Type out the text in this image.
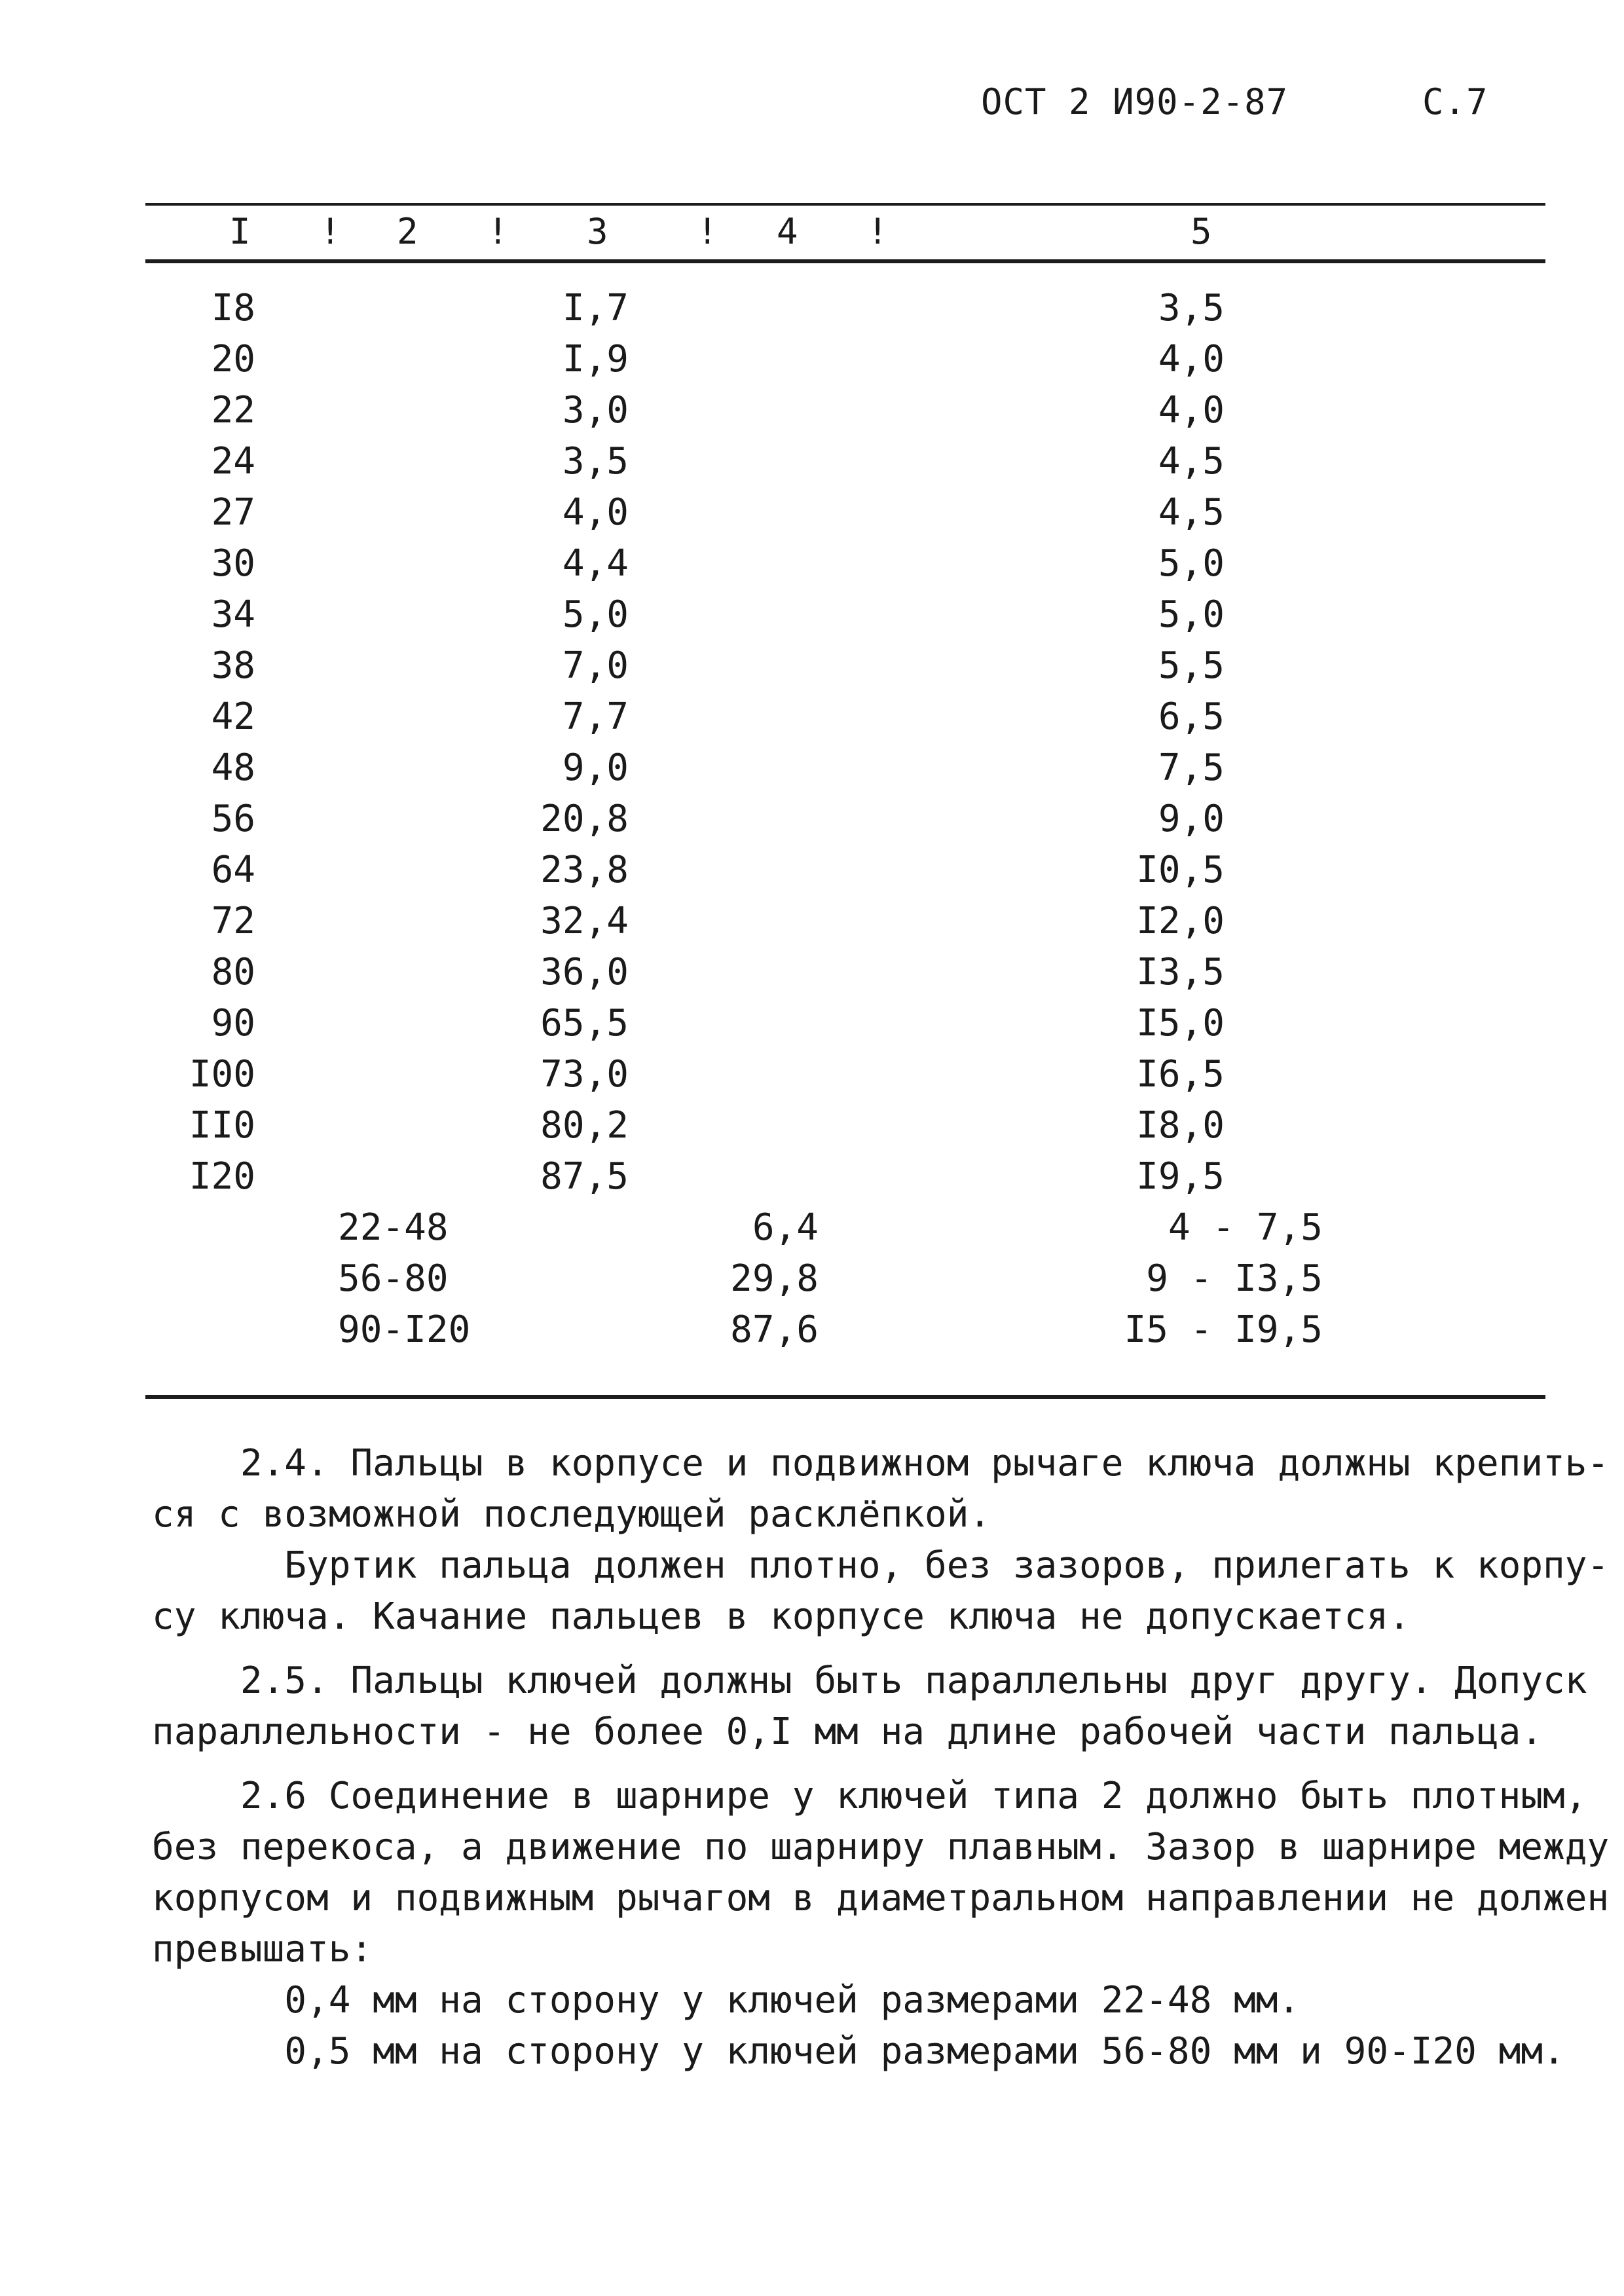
ОСТ 2 И90-2-87	С.7
I ! 2 ! 3	! 4 !	5
I8	I,7	3,5
20	I,9	4,0
22	3,0	4,0
24	3,5	4,5
27	4,0	4,5
30	4,4	5,0
34	5,0	5,0
38	7,0	5,5
42	7,7	6,5
48	9,0	7,5
56	20,8	9,0
64	23,8	I0,5
72	32,4	I2,0
80	36,0	I3,5
90	65,5	I5,0
I00	73,0	I6,5
II0	80,2	I8,0
I20	87,5	I9,5
22-48	6,4	4 - 7,5
56-80	29,8	9 - I3,5
90-I20	87,6	I5 - I9,5
2.4. Пальцы в корпусе и подвижном рычаге ключа должны крепить-
ся с возможной последующей расклёпкой.
Буртик пальца должен плотно, без зазоров, прилегать к корпу-
су ключа. Качание пальцев в корпусе ключа не допускается.
2.5. Пальцы ключей должны быть параллельны друг другу. Допуск
параллельности - не более 0,I мм на длине рабочей части пальца.
2.6 Соединение в шарнире у ключей типа 2 должно быть плотным,
без перекоса, а движение по шарниру плавным. Зазор в шарнире между
корпусом и подвижным рычагом в диаметральном направлении не должен
превышать:
0,4 мм на сторону у ключей размерами 22-48 мм.
0,5 мм на сторону у ключей размерами 56-80 мм и 90-I20 мм.
